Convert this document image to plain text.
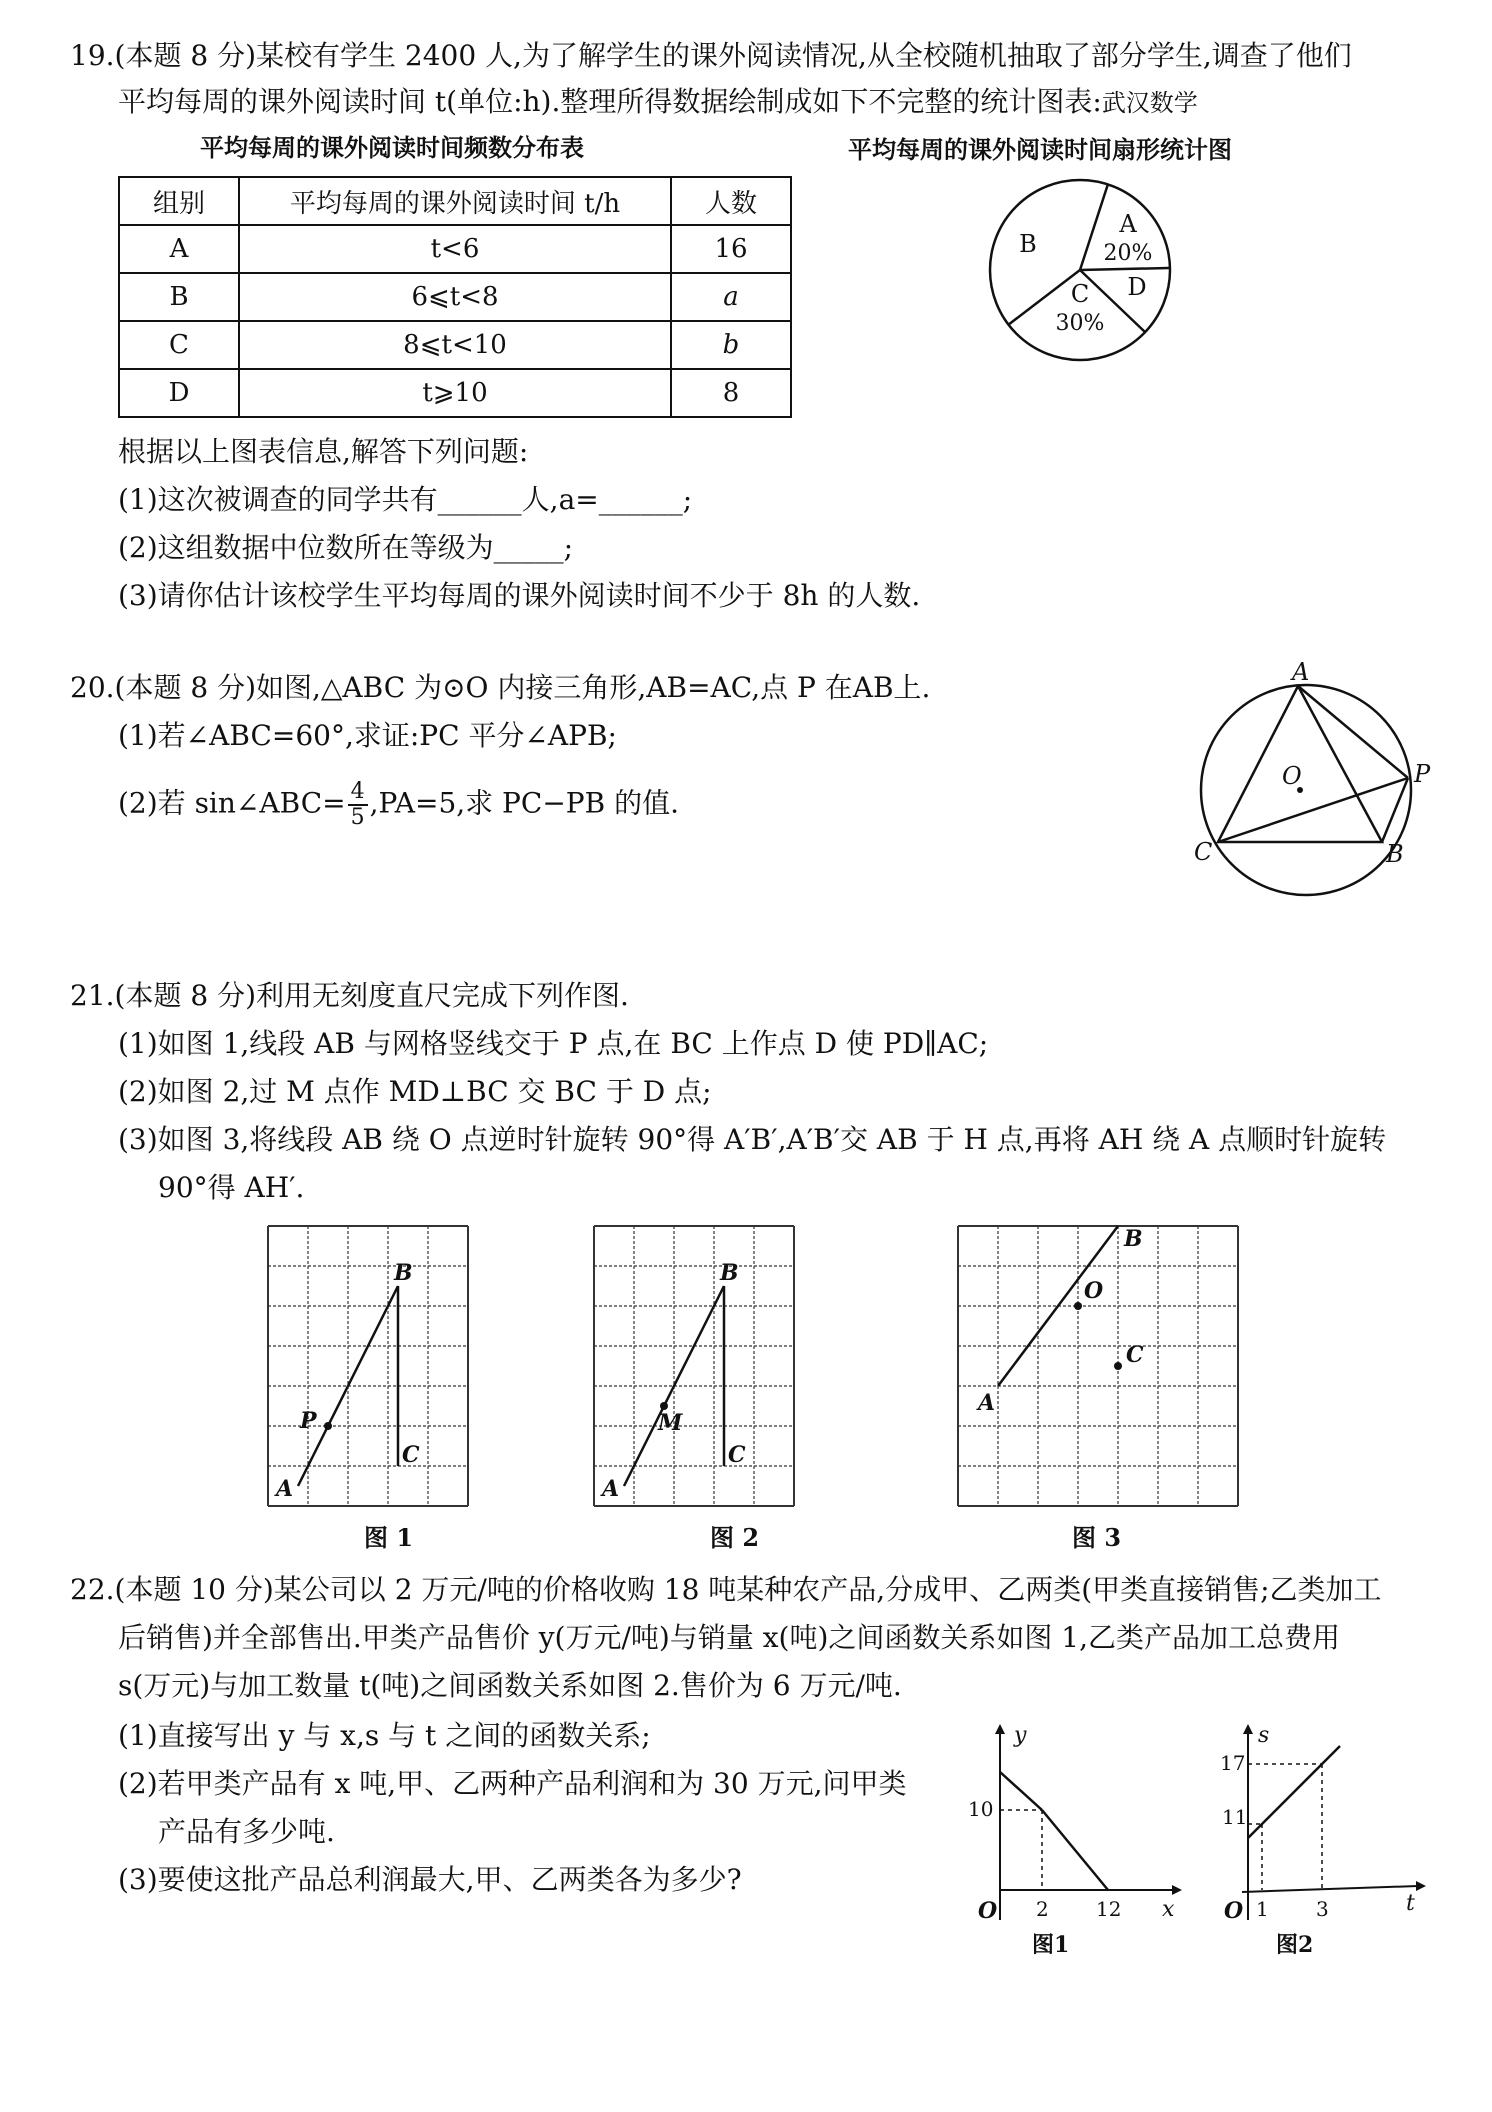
19.(本题 8 分)某校有学生 2400 人,为了解学生的课外阅读情况,从全校随机抽取了部分学生,调查了他们
平均每周的课外阅读时间 t(单位:h).整理所得数据绘制成如下不完整的统计图表:武汉数学
平均每周的课外阅读时间频数分布表	平均每周的课外阅读时间扇形统计图
组别	平均每周的课外阅读时间 t/h	人数
A	t<6	16
B	6⩽t<8	a
C	8⩽t<10	b
D	t⩾10	8
A
20%
B
C
30%
D
根据以上图表信息,解答下列问题:
(1)这次被调查的同学共有______人,a=______;
(2)这组数据中位数所在等级为_____;
(3)请你估计该校学生平均每周的课外阅读时间不少于 8h 的人数.
20.(本题 8 分)如图,△ABC 为⊙O 内接三角形,AB=AC,点 P 在AB上.
(1)若∠ABC=60°,求证:PC 平分∠APB;
(2)若 sin∠ABC= $\frac{4}{5} ,PA=5$,求 PC−PB 的值.
A
C	B
P
O
21.(本题 8 分)利用无刻度直尺完成下列作图.
(1)如图 1,线段 AB 与网格竖线交于 P 点,在 BC 上作点 D 使 PD∥AC;
(2)如图 2,过 M 点作 MD⊥BC 交 BC 于 D 点;
(3)如图 3,将线段 AB 绕 O 点逆时针旋转 90°得 A′B′,A′B′交 AB 于 H 点,再将 AH 绕 A 点顺时针旋转
90°得 AH′.
A
B
C
P
A
B
C
M
A
B
O
C
图 1	图 2	图 3
22.(本题 10 分)某公司以 2 万元/吨的价格收购 18 吨某种农产品,分成甲、乙两类(甲类直接销售;乙类加工
后销售)并全部售出.甲类产品售价 y(万元/吨)与销量 x(吨)之间函数关系如图 1,乙类产品加工总费用
s(万元)与加工数量 t(吨)之间函数关系如图 2.售价为 6 万元/吨.
(1)直接写出 y 与 x,s 与 t 之间的函数关系;
(2)若甲类产品有 x 吨,甲、乙两种产品利润和为 30 万元,问甲类
产品有多少吨.
(3)要使这批产品总利润最大,甲、乙两类各为多少?
y
x
O
10
2 12
图1
s
t
O
17
11
1 3
图2
